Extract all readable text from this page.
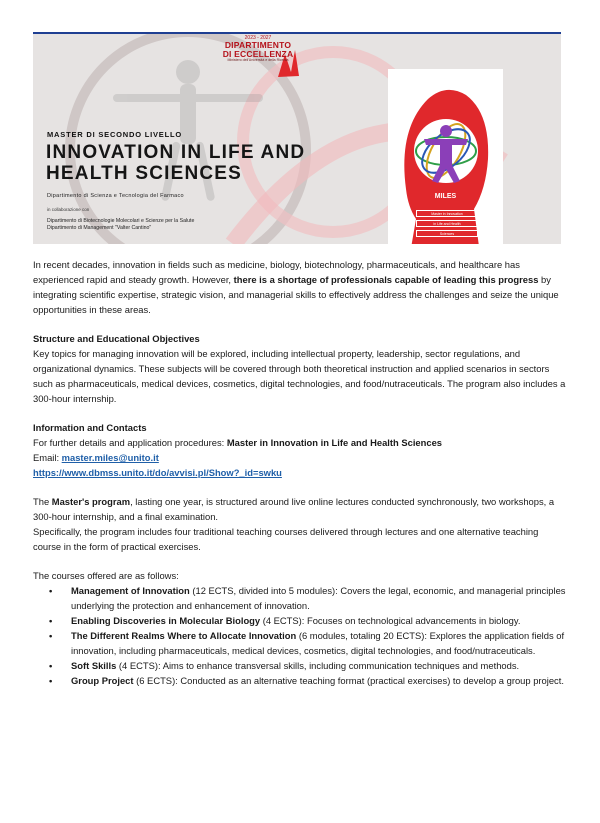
2023 - 2027
DIPARTIMENTO
DI ECCELLENZA
Ministero dell'Università e della Ricerca
MASTER DI SECONDO LIVELLO
INNOVATION IN LIFE AND HEALTH SCIENCES
Dipartimento di Scienza e Tecnologia del Farmaco
in collaborazione con
Dipartimento di Biotecnologie Molecolari e Scienze per la Salute
Dipartimento di Management "Valter Cantino"
MILES
Master in Innovation
in Life and Health
Sciences

In recent decades, innovation in fields such as medicine, biology, biotechnology, pharmaceuticals, and healthcare has experienced rapid and steady growth. However, there is a shortage of professionals capable of leading this progress by integrating scientific expertise, strategic vision, and managerial skills to effectively address the challenges and seize the unique opportunities in these areas.

Structure and Educational Objectives

Key topics for managing innovation will be explored, including intellectual property, leadership, sector regulations, and organizational dynamics. These subjects will be covered through both theoretical instruction and applied scenarios in sectors such as pharmaceuticals, medical devices, cosmetics, digital technologies, and food/nutraceuticals. The program also includes a 300-hour internship.

Information and Contacts

For further details and application procedures: Master in Innovation in Life and Health Sciences

Email: master.miles@unito.it

https://www.dbmss.unito.it/do/avvisi.pl/Show?_id=swku

The Master's program, lasting one year, is structured around live online lectures conducted synchronously, two workshops, a 300-hour internship, and a final examination.

Specifically, the program includes four traditional teaching courses delivered through lectures and one alternative teaching course in the form of practical exercises.

The courses offered are as follows:

• Management of Innovation (12 ECTS, divided into 5 modules): Covers the legal, economic, and managerial principles underlying the protection and enhancement of innovation.
• Enabling Discoveries in Molecular Biology (4 ECTS): Focuses on technological advancements in biology.
• The Different Realms Where to Allocate Innovation (6 modules, totaling 20 ECTS): Explores the application fields of innovation, including pharmaceuticals, medical devices, cosmetics, digital technologies, and food/nutraceuticals.
• Soft Skills (4 ECTS): Aims to enhance transversal skills, including communication techniques and methods.
• Group Project (6 ECTS): Conducted as an alternative teaching format (practical exercises) to develop a group project.
